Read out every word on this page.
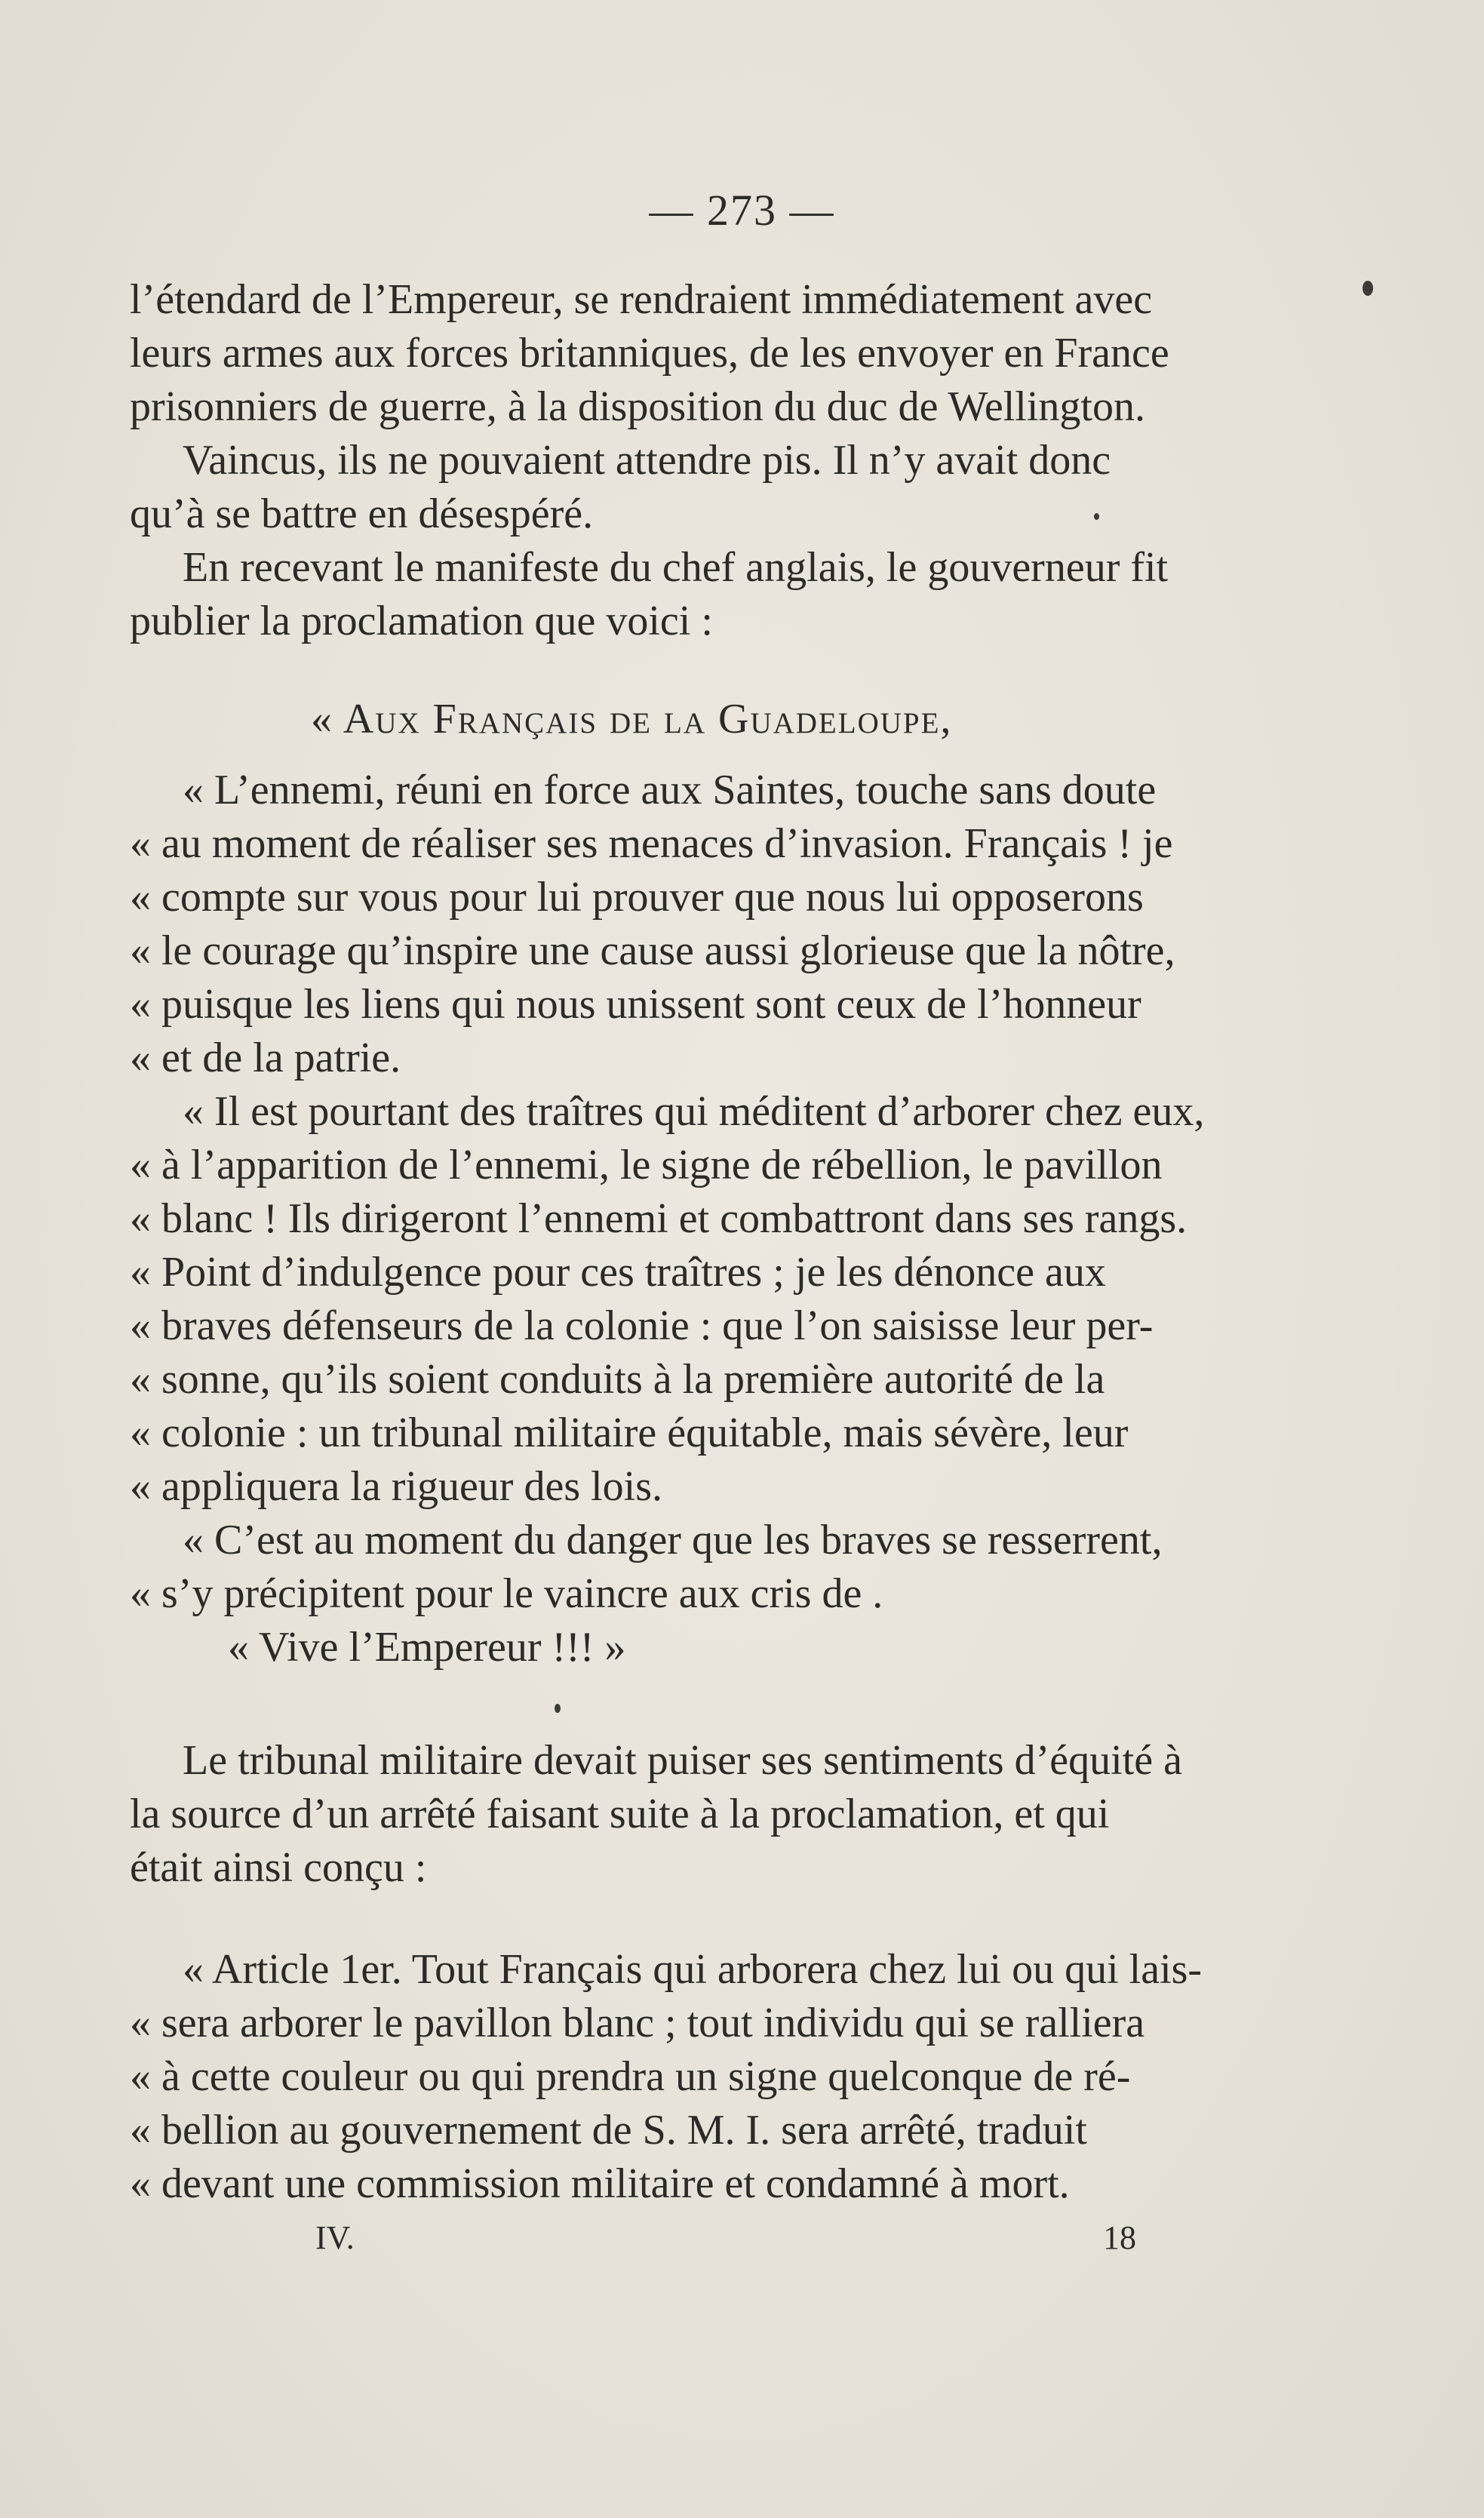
— 273 —
l’étendard de l’Empereur, se rendraient immédiatement avec
leurs armes aux forces britanniques, de les envoyer en France
prisonniers de guerre, à la disposition du duc de Wellington.
Vaincus, ils ne pouvaient attendre pis. Il n’y avait donc
qu’à se battre en désespéré.
En recevant le manifeste du chef anglais, le gouverneur fit
publier la proclamation que voici :
« Aux Français de la Guadeloupe,
« L’ennemi, réuni en force aux Saintes, touche sans doute
« au moment de réaliser ses menaces d’invasion. Français ! je
« compte sur vous pour lui prouver que nous lui opposerons
« le courage qu’inspire une cause aussi glorieuse que la nôtre,
« puisque les liens qui nous unissent sont ceux de l’honneur
« et de la patrie.
« Il est pourtant des traîtres qui méditent d’arborer chez eux,
« à l’apparition de l’ennemi, le signe de rébellion, le pavillon
« blanc ! Ils dirigeront l’ennemi et combattront dans ses rangs.
« Point d’indulgence pour ces traîtres ; je les dénonce aux
« braves défenseurs de la colonie : que l’on saisisse leur per-
« sonne, qu’ils soient conduits à la première autorité de la
« colonie : un tribunal militaire équitable, mais sévère, leur
« appliquera la rigueur des lois.
« C’est au moment du danger que les braves se resserrent,
« s’y précipitent pour le vaincre aux cris de .
« Vive l’Empereur !!! »
Le tribunal militaire devait puiser ses sentiments d’équité à
la source d’un arrêté faisant suite à la proclamation, et qui
était ainsi conçu :
« Article 1er. Tout Français qui arborera chez lui ou qui lais-
« sera arborer le pavillon blanc ; tout individu qui se ralliera
« à cette couleur ou qui prendra un signe quelconque de ré-
« bellion au gouvernement de S. M. I. sera arrêté, traduit
« devant une commission militaire et condamné à mort.
IV.	18
